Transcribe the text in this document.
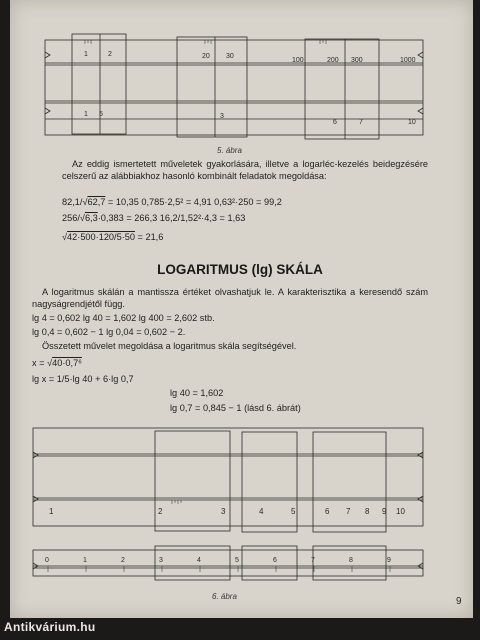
1	2	20 30
100	200 300	1000
1 5	3
6	7	10
5. ábra
Az eddig ismertetett műveletek gyakorlására, illetve a logarléc-kezelés beidegzésére celszerű az alábbiakhoz hasonló kombinált feladatok megoldása:
82,1/√62,7 = 10,35 0,785·2,5² = 4,91 0,63²·250 = 99,2
256/√6,3·0,383 = 266,3 16,2/1,52²·4,3 = 1,63
√42·500·120/5·50 = 21,6
LOGARITMUS (lg) SKÁLA
A logaritmus skálán a mantissza értéket olvashatjuk le. A karakterisztika a keresendő szám nagyságrendjétől függ.
lg 4 = 0,602 lg 40 = 1,602 lg 400 = 2,602 stb.
lg 0,4 = 0,602 − 1 lg 0,04 = 0,602 − 2.
Összetett művelet megoldása a logaritmus skála segítségével.
x = √40·0,7⁶
lg x = 1/5·lg 40 + 6·lg 0,7
lg 40 = 1,602
lg 0,7 = 0,845 − 1 (lásd 6. ábrát)
1	2	3	4	5	6 7 8 9 10
0	1	2	3	4	5	6	7	8	9
6. ábra	9
Antikvárium.hu
